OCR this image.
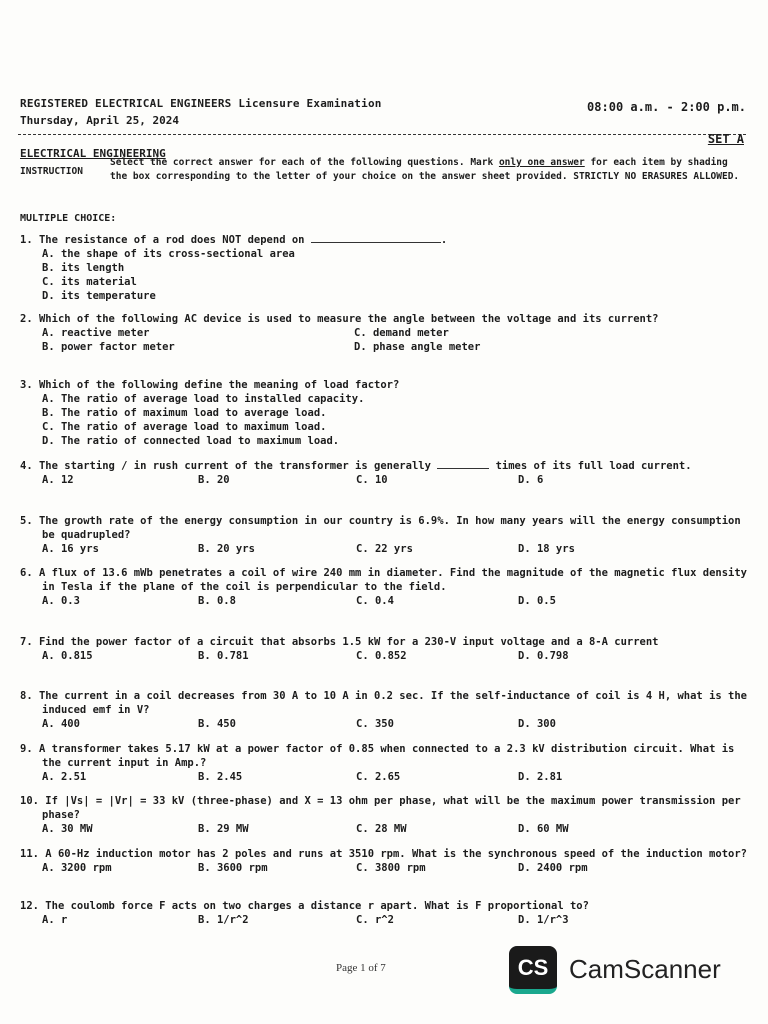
REGISTERED ELECTRICAL ENGINEERS Licensure Examination
Thursday, April 25, 2024
08:00 a.m. - 2:00 p.m.
SET A
ELECTRICAL ENGINEERING
INSTRUCTION
Select the correct answer for each of the following questions. Mark only one answer for each item by shading the box corresponding to the letter of your choice on the answer sheet provided. STRICTLY NO ERASURES ALLOWED.
MULTIPLE CHOICE:
1. The resistance of a rod does NOT depend on	.
A. the shape of its cross-sectional area
B. its length
C. its material
D. its temperature
2. Which of the following AC device is used to measure the angle between the voltage and its current?
A. reactive meter	C. demand meter
B. power factor meter	D. phase angle meter
3. Which of the following define the meaning of load factor?
A. The ratio of average load to installed capacity.
B. The ratio of maximum load to average load.
C. The ratio of average load to maximum load.
D. The ratio of connected load to maximum load.
4. The starting / in rush current of the transformer is generally	times of its full load current.
A. 12	B. 20	C. 10	D. 6
5. The growth rate of the energy consumption in our country is 6.9%. In how many years will the energy consumption be quadrupled?
A. 16 yrs	B. 20 yrs	C. 22 yrs	D. 18 yrs
6. A flux of 13.6 mWb penetrates a coil of wire 240 mm in diameter. Find the magnitude of the magnetic flux density in Tesla if the plane of the coil is perpendicular to the field.
A. 0.3	B. 0.8	C. 0.4	D. 0.5
7. Find the power factor of a circuit that absorbs 1.5 kW for a 230-V input voltage and a 8-A current
A. 0.815	B. 0.781	C. 0.852	D. 0.798
8. The current in a coil decreases from 30 A to 10 A in 0.2 sec. If the self-inductance of coil is 4 H, what is the induced emf in V?
A. 400	B. 450	C. 350	D. 300
9. A transformer takes 5.17 kW at a power factor of 0.85 when connected to a 2.3 kV distribution circuit. What is the current input in Amp.?
A. 2.51	B. 2.45	C. 2.65	D. 2.81
10. If |Vs| = |Vr| = 33 kV (three-phase) and X = 13 ohm per phase, what will be the maximum power transmission per phase?
A. 30 MW	B. 29 MW	C. 28 MW	D. 60 MW
11. A 60-Hz induction motor has 2 poles and runs at 3510 rpm. What is the synchronous speed of the induction motor?
A. 3200 rpm	B. 3600 rpm	C. 3800 rpm	D. 2400 rpm
12. The coulomb force F acts on two charges a distance r apart. What is F proportional to?
A. r	B. 1/r^2	C. r^2	D. 1/r^3
Page 1 of 7	CS CamScanner
